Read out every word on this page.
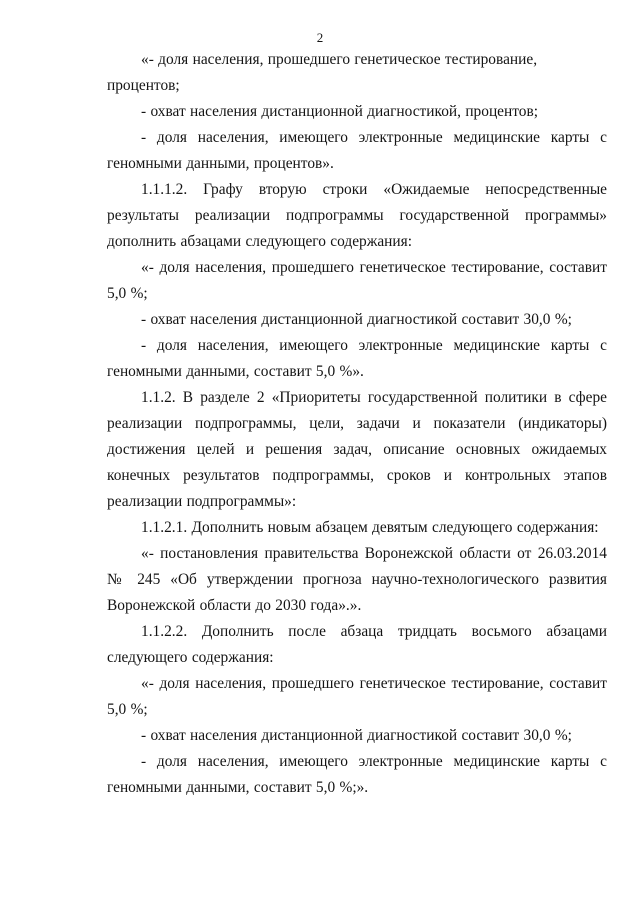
2

«- доля населения, прошедшего генетическое тестирование, процентов;

- охват населения дистанционной диагностикой, процентов;

- доля населения, имеющего электронные медицинские карты с геномными данными, процентов».

1.1.1.2. Графу вторую строки «Ожидаемые непосредственные результаты реализации подпрограммы государственной программы» дополнить абзацами следующего содержания:

«- доля населения, прошедшего генетическое тестирование, составит 5,0 %;

- охват населения дистанционной диагностикой составит 30,0 %;

- доля населения, имеющего электронные медицинские карты с геномными данными, составит 5,0 %».

1.1.2. В разделе 2 «Приоритеты государственной политики в сфере реализации подпрограммы, цели, задачи и показатели (индикаторы) достижения целей и решения задач, описание основных ожидаемых конечных результатов подпрограммы, сроков и контрольных этапов реализации подпрограммы»:

1.1.2.1. Дополнить новым абзацем девятым следующего содержания:

«- постановления правительства Воронежской области от 26.03.2014 № 245 «Об утверждении прогноза научно-технологического развития Воронежской области до 2030 года».».

1.1.2.2. Дополнить после абзаца тридцать восьмого абзацами следующего содержания:

«- доля населения, прошедшего генетическое тестирование, составит 5,0 %;

- охват населения дистанционной диагностикой составит 30,0 %;

- доля населения, имеющего электронные медицинские карты с геномными данными, составит 5,0 %;».
